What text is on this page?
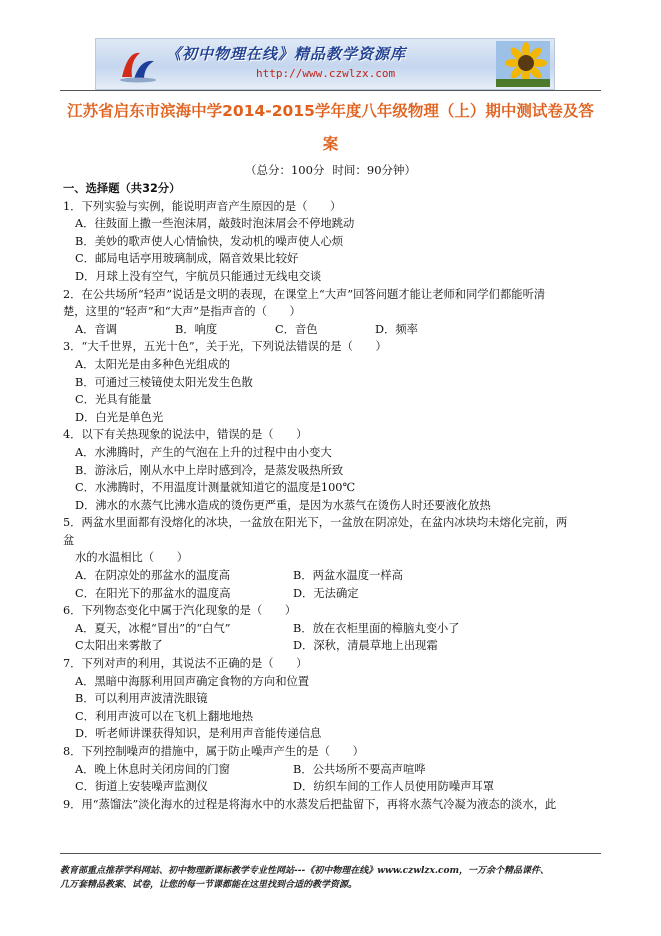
《初中物理在线》精品教学资源库
http://www.czwlzx.com
江苏省启东市滨海中学2014-2015学年度八年级物理（上）期中测试卷及答
案
（总分：100分 时间：90分钟）
一、选择题（共32分）
1．下列实验与实例，能说明声音产生原因的是（　　）
A．往鼓面上撒一些泡沫屑，敲鼓时泡沫屑会不停地跳动
B．美妙的歌声使人心情愉快，发动机的噪声使人心烦
C．邮局电话亭用玻璃制成，隔音效果比较好
D．月球上没有空气，宇航员只能通过无线电交谈
2．在公共场所“轻声”说话是文明的表现，在课堂上“大声”回答问题才能让老师和同学们都能听清
楚，这里的“轻声”和“大声”是指声音的（　　）
A．音调	B．响度	C．音色	D．频率
3．“大千世界，五光十色”，关于光，下列说法错误的是（　　）
A．太阳光是由多种色光组成的
B．可通过三棱镜使太阳光发生色散
C．光具有能量
D．白光是单色光
4．以下有关热现象的说法中，错误的是（　　）
A．水沸腾时，产生的气泡在上升的过程中由小变大
B．游泳后，刚从水中上岸时感到冷，是蒸发吸热所致
C．水沸腾时，不用温度计测量就知道它的温度是100℃
D．沸水的水蒸气比沸水造成的烫伤更严重，是因为水蒸气在烫伤人时还要液化放热
5．两盆水里面都有没熔化的冰块，一盆放在阳光下，一盆放在阴凉处，在盆内冰块均未熔化完前，两
盆
水的水温相比（　　）
A．在阴凉处的那盆水的温度高	B．两盆水温度一样高
C．在阳光下的那盆水的温度高	D．无法确定
6．下列物态变化中属于汽化现象的是（　　）
A．夏天，冰棍“冒出”的“白气”	B．放在衣柜里面的樟脑丸变小了
C太阳出来雾散了	D．深秋，清晨草地上出现霜
7．下列对声的利用，其说法不正确的是（　　）
A．黑暗中海豚利用回声确定食物的方向和位置
B．可以利用声波清洗眼镜
C．利用声波可以在飞机上翻地地热
D．听老师讲课获得知识，是利用声音能传递信息
8．下列控制噪声的措施中，属于防止噪声产生的是（　　）
A．晚上休息时关闭房间的门窗	B．公共场所不要高声喧哗
C．街道上安装噪声监测仪	D．纺织车间的工作人员使用防噪声耳罩
9．用“蒸馏法”淡化海水的过程是将海水中的水蒸发后把盐留下，再将水蒸气冷凝为液态的淡水，此
教育部重点推荐学科网站、初中物理新课标教学专业性网站---《初中物理在线》www.czwlzx.com，一万余个精品课件、
几万套精品教案、试卷，让您的每一节课都能在这里找到合适的教学资源。
